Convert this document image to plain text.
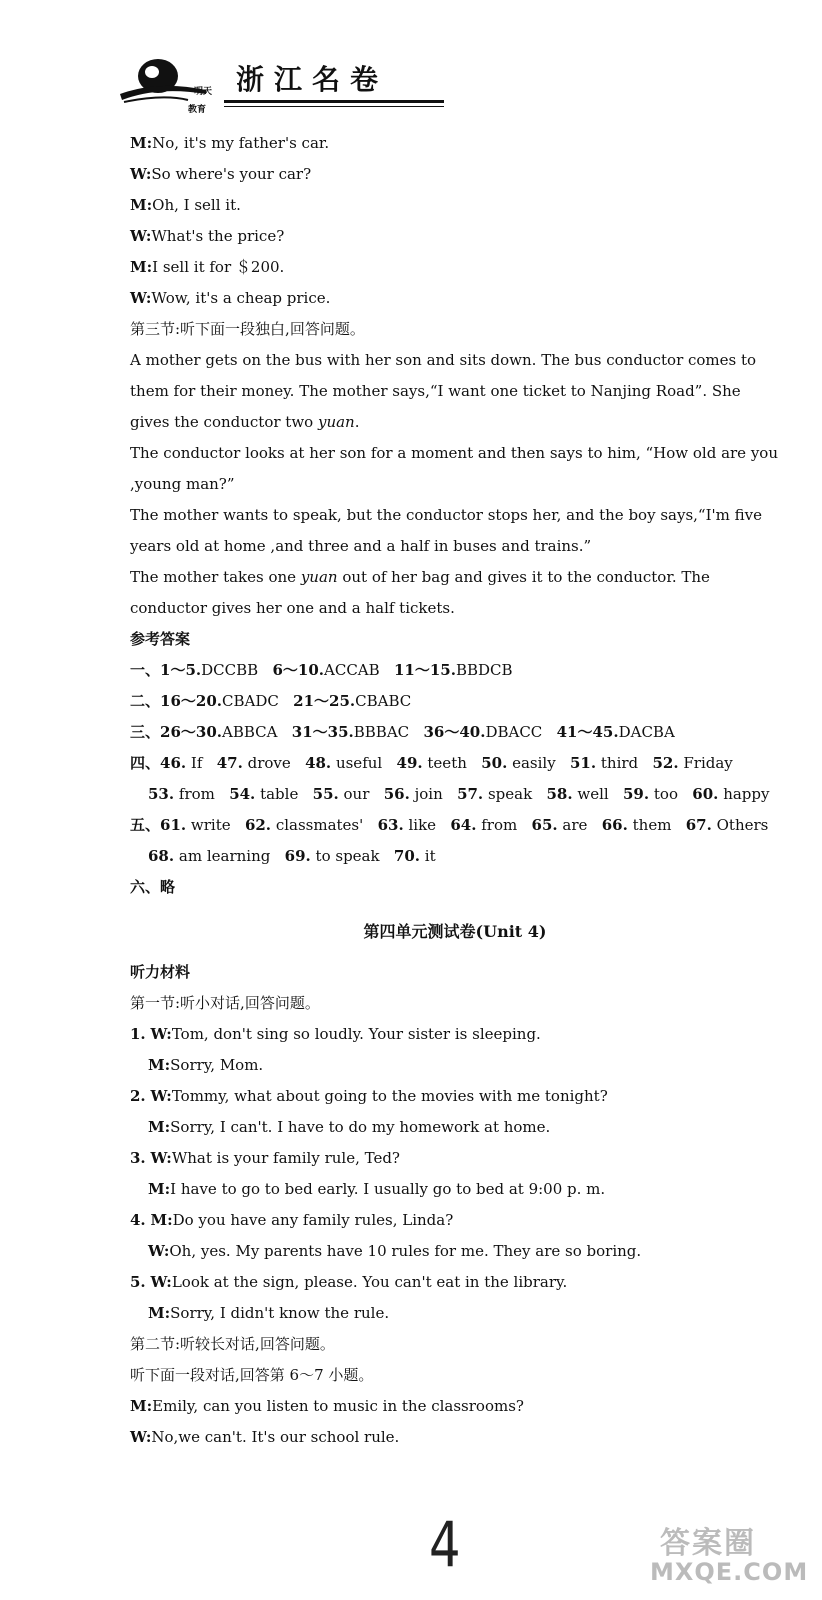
浙江名卷
明天
教育
M:No, it's my father's car.
W:So where's your car?
M:Oh, I sell it.
W:What's the price?
M:I sell it for ＄200.
W:Wow, it's a cheap price.
第三节:听下面一段独白,回答问题。
A mother gets on the bus with her son and sits down. The bus conductor comes to them for their money. The mother says,“I want one ticket to Nanjing Road”. She gives the conductor two yuan.
The conductor looks at her son for a moment and then says to him, “How old are you ,young man?”
The mother wants to speak, but the conductor stops her, and the boy says,“I'm five years old at home ,and three and a half in buses and trains.”
The mother takes one yuan out of her bag and gives it to the conductor. The conductor gives her one and a half tickets.
参考答案
一、1～5.DCCBB 6～10.ACCAB 11～15.BBDCB
二、16～20.CBADC 21～25.CBABC
三、26～30.ABBCA 31～35.BBBAC 36～40.DBACC 41～45.DACBA
四、46. If 47. drove 48. useful 49. teeth 50. easily 51. third 52. Friday
53. from 54. table 55. our 56. join 57. speak 58. well 59. too 60. happy
五、61. write 62. classmates' 63. like 64. from 65. are 66. them 67. Others
68. am learning 69. to speak 70. it
六、略
第四单元测试卷(Unit 4)
听力材料
第一节:听小对话,回答问题。
1. W:Tom, don't sing so loudly. Your sister is sleeping.
M:Sorry, Mom.
2. W:Tommy, what about going to the movies with me tonight?
M:Sorry, I can't. I have to do my homework at home.
3. W:What is your family rule, Ted?
M:I have to go to bed early. I usually go to bed at 9:00 p. m.
4. M:Do you have any family rules, Linda?
W:Oh, yes. My parents have 10 rules for me. They are so boring.
5. W:Look at the sign, please. You can't eat in the library.
M:Sorry, I didn't know the rule.
第二节:听较长对话,回答问题。
听下面一段对话,回答第 6～7 小题。
M:Emily, can you listen to music in the classrooms?
W:No,we can't. It's our school rule.
4	答案圈
MXQE.COM
